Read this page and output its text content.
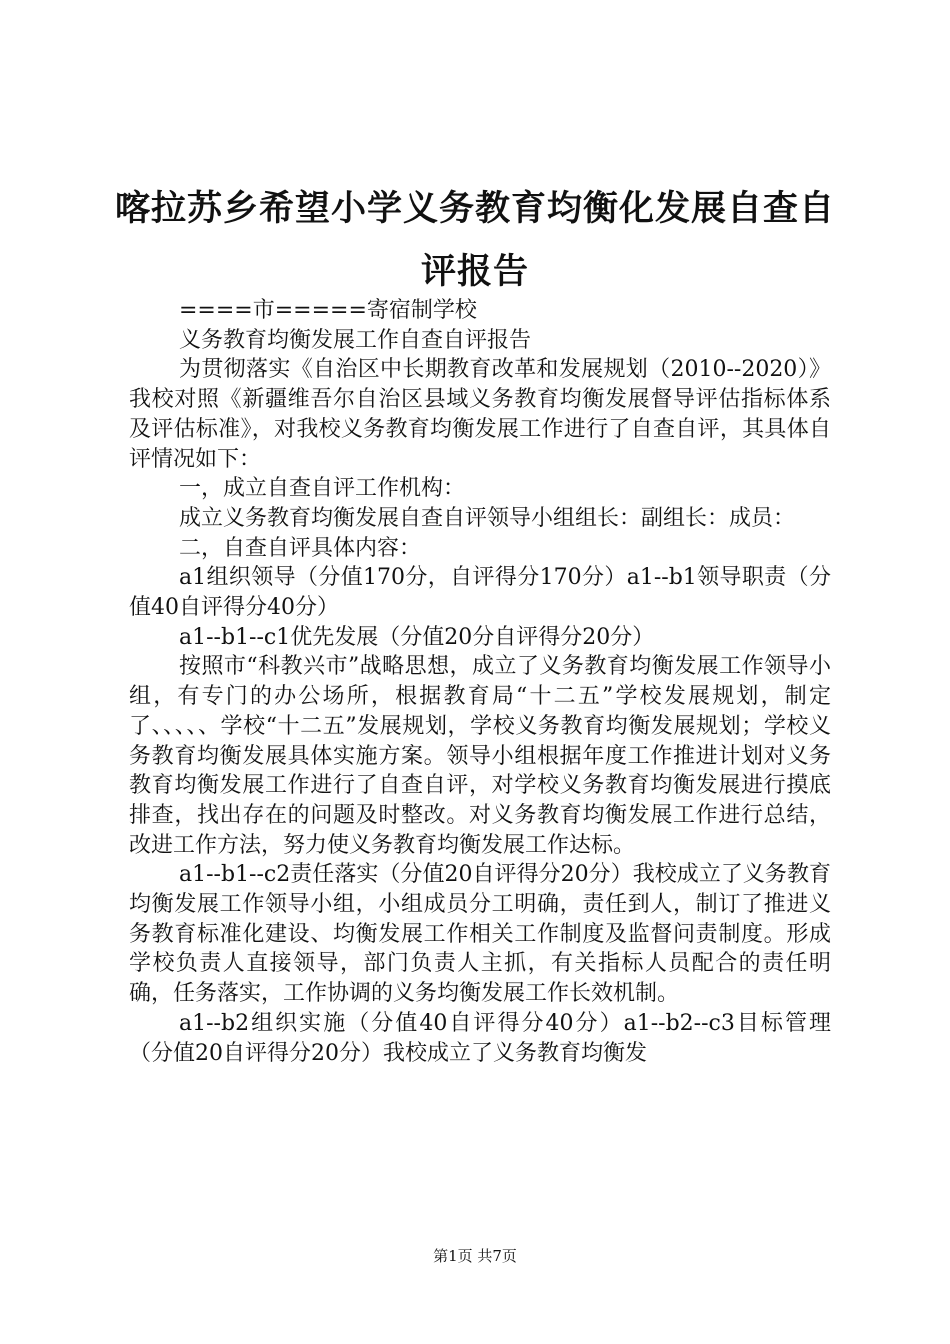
喀拉苏乡希望小学义务教育均衡化发展自查自评报告

====市=====寄宿制学校

义务教育均衡发展工作自查自评报告

为贯彻落实《自治区中长期教育改革和发展规划（2010--2020）》我校对照《新疆维吾尔自治区县域义务教育均衡发展督导评估指标体系及评估标准》，对我校义务教育均衡发展工作进行了自查自评，其具体自评情况如下：

一，成立自查自评工作机构：

成立义务教育均衡发展自查自评领导小组组长：副组长：成员：

二，自查自评具体内容：

a1组织领导（分值170分，自评得分170分）a1--b1领导职责（分值40自评得分40分）

a1--b1--c1优先发展（分值20分自评得分20分）

按照市“科教兴市”战略思想，成立了义务教育均衡发展工作领导小组，有专门的办公场所，根据教育局“十二五”学校发展规划，制定了、、、、、学校“十二五”发展规划，学校义务教育均衡发展规划；学校义务教育均衡发展具体实施方案。领导小组根据年度工作推进计划对义务教育均衡发展工作进行了自查自评，对学校义务教育均衡发展进行摸底排查，找出存在的问题及时整改。对义务教育均衡发展工作进行总结，改进工作方法，努力使义务教育均衡发展工作达标。

a1--b1--c2责任落实（分值20自评得分20分）我校成立了义务教育均衡发展工作领导小组，小组成员分工明确，责任到人，制订了推进义务教育标准化建设、均衡发展工作相关工作制度及监督问责制度。形成学校负责人直接领导，部门负责人主抓，有关指标人员配合的责任明确，任务落实，工作协调的义务均衡发展工作长效机制。

a1--b2组织实施（分值40自评得分40分）a1--b2--c3目标管理（分值20自评得分20分）我校成立了义务教育均衡发

第1页 共7页
